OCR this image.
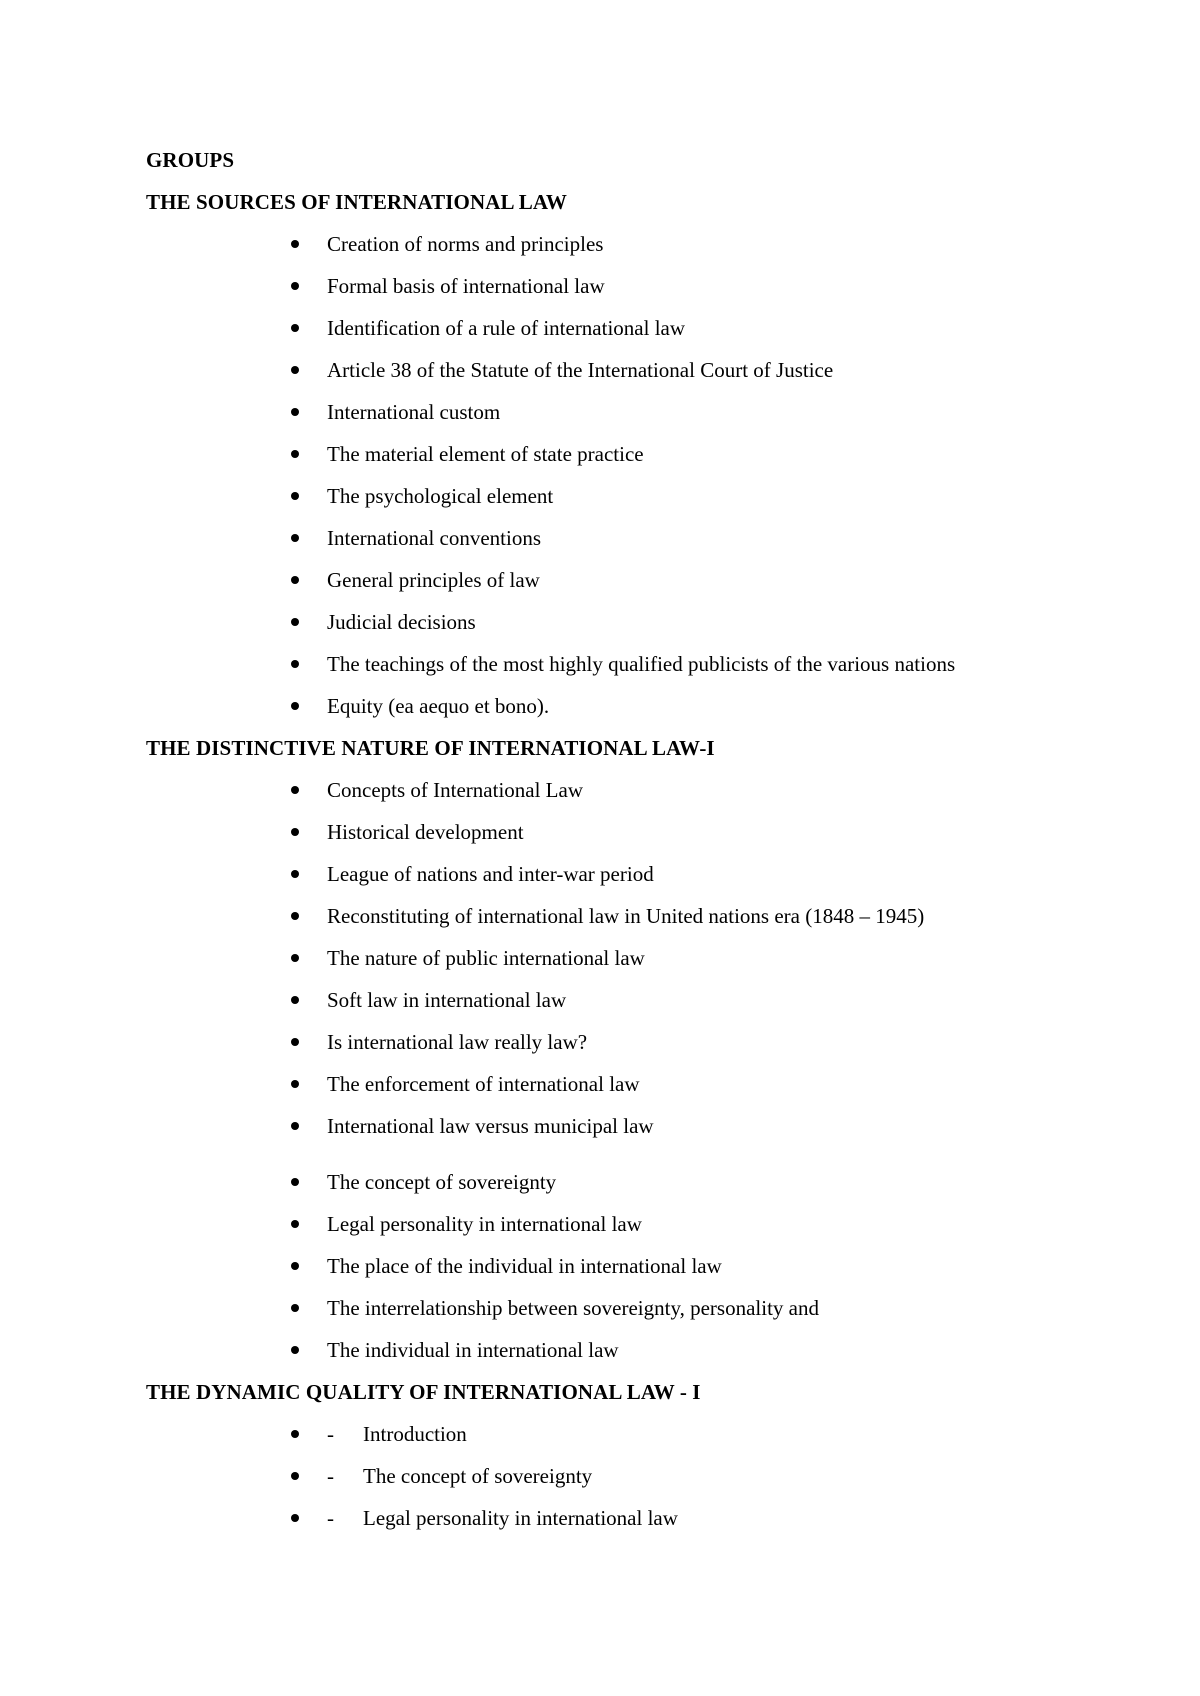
GROUPS
THE SOURCES OF INTERNATIONAL LAW
Creation of norms and principles
Formal basis of international law
Identification of a rule of international law
Article 38 of the Statute of the International Court of Justice
International custom
The material element of state practice
The psychological element
International conventions
General principles of law
Judicial decisions
The teachings of the most highly qualified publicists of the various nations
Equity (ea aequo et bono).
THE DISTINCTIVE NATURE OF INTERNATIONAL LAW-I
Concepts of International Law
Historical development
League of nations and inter-war period
Reconstituting of international law in United nations era (1848 – 1945)
The nature of public international law
Soft law in international law
Is international law really law?
The enforcement of international law
International law versus municipal law
The concept of sovereignty
Legal personality in international law
The place of the individual in international law
The interrelationship between sovereignty, personality and
The individual in international law
THE DYNAMIC QUALITY OF INTERNATIONAL LAW - I
- Introduction
- The concept of sovereignty
- Legal personality in international law
